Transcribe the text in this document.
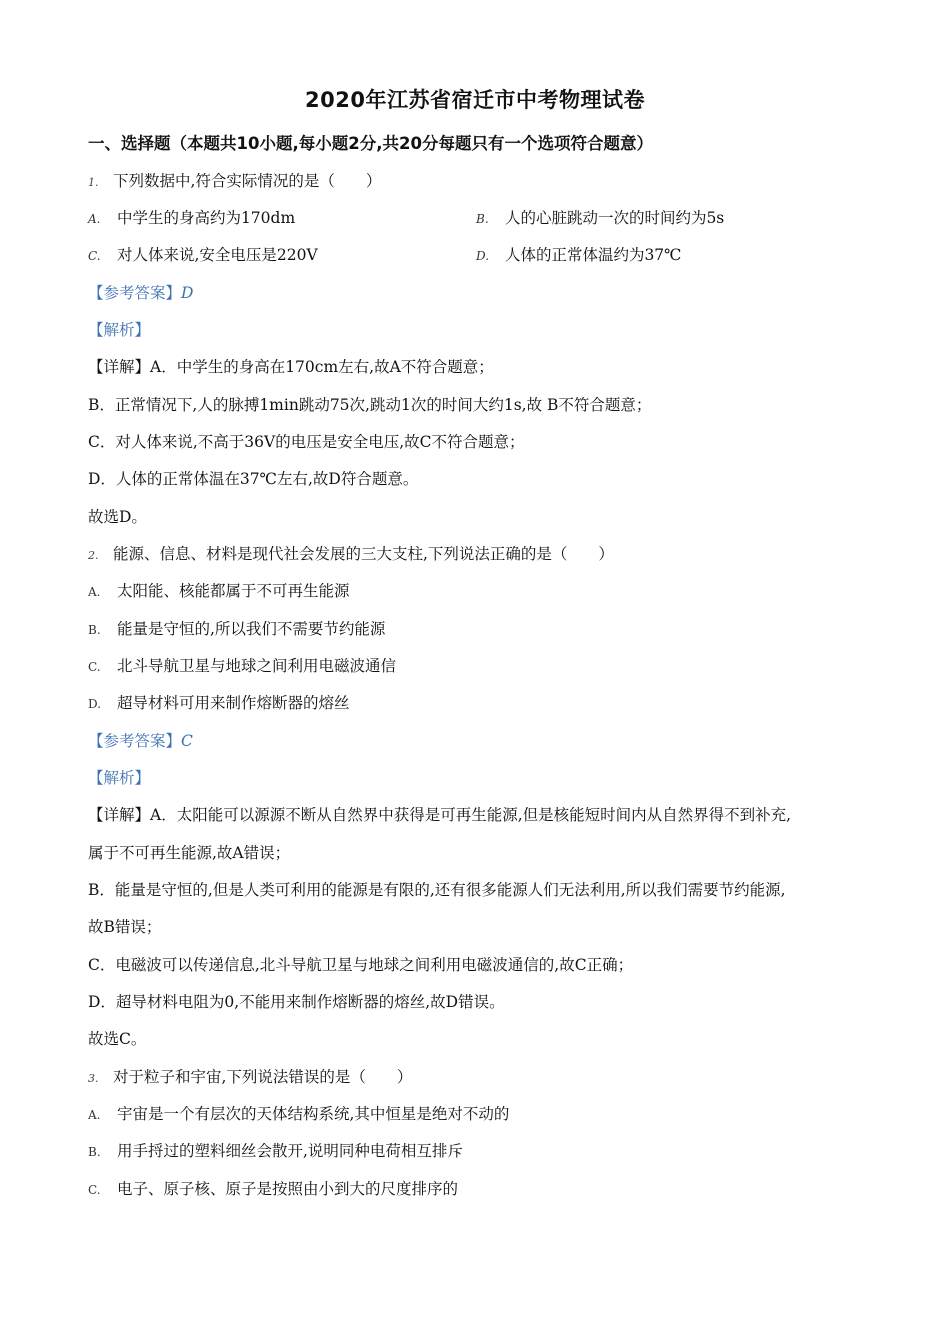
2020年江苏省宿迁市中考物理试卷
一、选择题（本题共10小题,每小题2分,共20分每题只有一个选项符合题意）
1. 下列数据中,符合实际情况的是（　　）
A. 中学生的身高约为170dm	B. 人的心脏跳动一次的时间约为5s
C. 对人体来说,安全电压是220V	D. 人体的正常体温约为37℃
【参考答案】D
【解析】
【详解】A．中学生的身高在170cm左右,故A不符合题意；
B．正常情况下,人的脉搏1min跳动75次,跳动1次的时间大约1s,故 B不符合题意；
C．对人体来说,不高于36V的电压是安全电压,故C不符合题意；
D．人体的正常体温在37℃左右,故D符合题意。
故选D。
2. 能源、信息、材料是现代社会发展的三大支柱,下列说法正确的是（　　）
A. 太阳能、核能都属于不可再生能源
B. 能量是守恒的,所以我们不需要节约能源
C. 北斗导航卫星与地球之间利用电磁波通信
D. 超导材料可用来制作熔断器的熔丝
【参考答案】C
【解析】
【详解】A．太阳能可以源源不断从自然界中获得是可再生能源,但是核能短时间内从自然界得不到补充,
属于不可再生能源,故A错误；
B．能量是守恒的,但是人类可利用的能源是有限的,还有很多能源人们无法利用,所以我们需要节约能源,
故B错误；
C．电磁波可以传递信息,北斗导航卫星与地球之间利用电磁波通信的,故C正确；
D．超导材料电阻为0,不能用来制作熔断器的熔丝,故D错误。
故选C。
3. 对于粒子和宇宙,下列说法错误的是（　　）
A. 宇宙是一个有层次的天体结构系统,其中恒星是绝对不动的
B. 用手捋过的塑料细丝会散开,说明同种电荷相互排斥
C. 电子、原子核、原子是按照由小到大的尺度排序的
